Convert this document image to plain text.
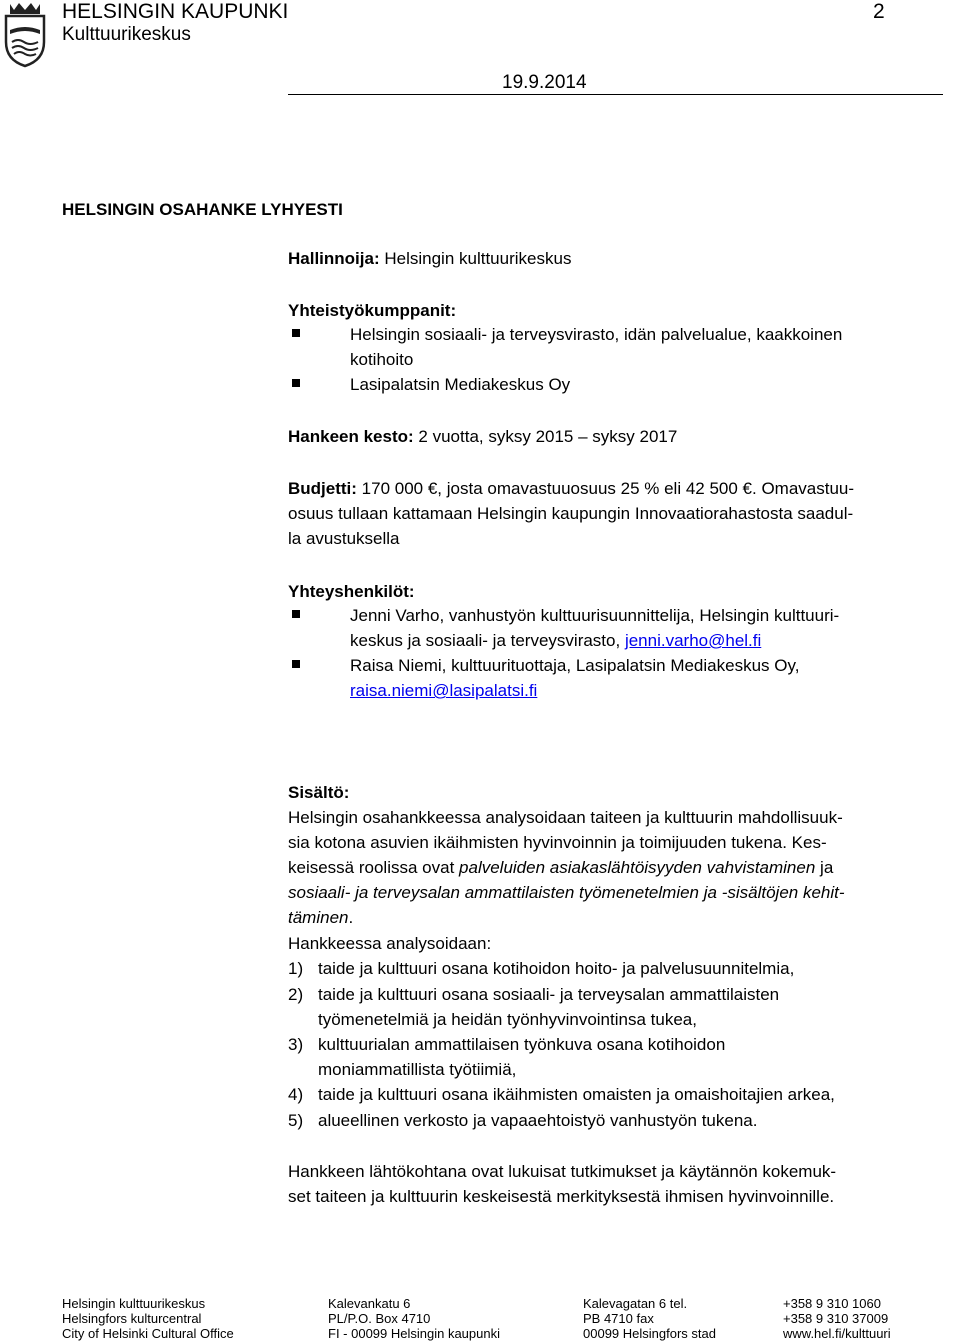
HELSINGIN KAUPUNKI
Kulttuurikeskus
2
19.9.2014
HELSINGIN OSAHANKE LYHYESTI
Hallinnoija: Helsingin kulttuurikeskus
Yhteistyökumppanit:
Helsingin sosiaali- ja terveysvirasto, idän palvelualue, kaakkoinen
kotihoito
Lasipalatsin Mediakeskus Oy
Hankeen kesto: 2 vuotta, syksy 2015 – syksy 2017

Budjetti: 170 000 €, josta omavastuuosuus 25 % eli 42 500 €. Omavastuu-

osuus tullaan kattamaan Helsingin kaupungin Innovaatiorahastosta saadul-

la avustuksella

Yhteyshenkilöt:
Jenni Varho, vanhustyön kulttuurisuunnittelija, Helsingin kulttuuri-
keskus ja sosiaali- ja terveysvirasto, jenni.varho@hel.fi
Raisa Niemi, kulttuurituottaja, Lasipalatsin Mediakeskus Oy,
raisa.niemi@lasipalatsi.fi
Sisältö:

Helsingin osahankkeessa analysoidaan taiteen ja kulttuurin mahdollisuuk-

sia kotona asuvien ikäihmisten hyvinvoinnin ja toimijuuden tukena. Kes-

keisessä roolissa ovat palveluiden asiakaslähtöisyyden vahvistaminen ja

sosiaali- ja terveysalan ammattilaisten työmenetelmien ja -sisältöjen kehit-

täminen.

Hankkeessa analysoidaan:
1) taide ja kulttuuri osana kotihoidon hoito- ja palvelusuunnitelmia,
2) taide ja kulttuuri osana sosiaali- ja terveysalan ammattilaisten
työmenetelmiä ja heidän työnhyvinvointinsa tukea,
3) kulttuurialan ammattilaisen työnkuva osana kotihoidon
moniammatillista työtiimiä,
4) taide ja kulttuuri osana ikäihmisten omaisten ja omaishoitajien arkea,
5) alueellinen verkosto ja vapaaehtoistyö vanhustyön tukena.

Hankkeen lähtökohtana ovat lukuisat tutkimukset ja käytännön kokemuk-

set taiteen ja kulttuurin keskeisestä merkityksestä ihmisen hyvinvoinnille.

Helsingin kulttuurikeskus
Helsingfors kulturcentral
City of Helsinki Cultural Office
Kalevankatu 6
PL/P.O. Box 4710
FI - 00099 Helsingin kaupunki
Kalevagatan 6 tel.
PB 4710 fax
00099 Helsingfors stad
+358 9 310 1060
+358 9 310 37009
www.hel.fi/kulttuuri
